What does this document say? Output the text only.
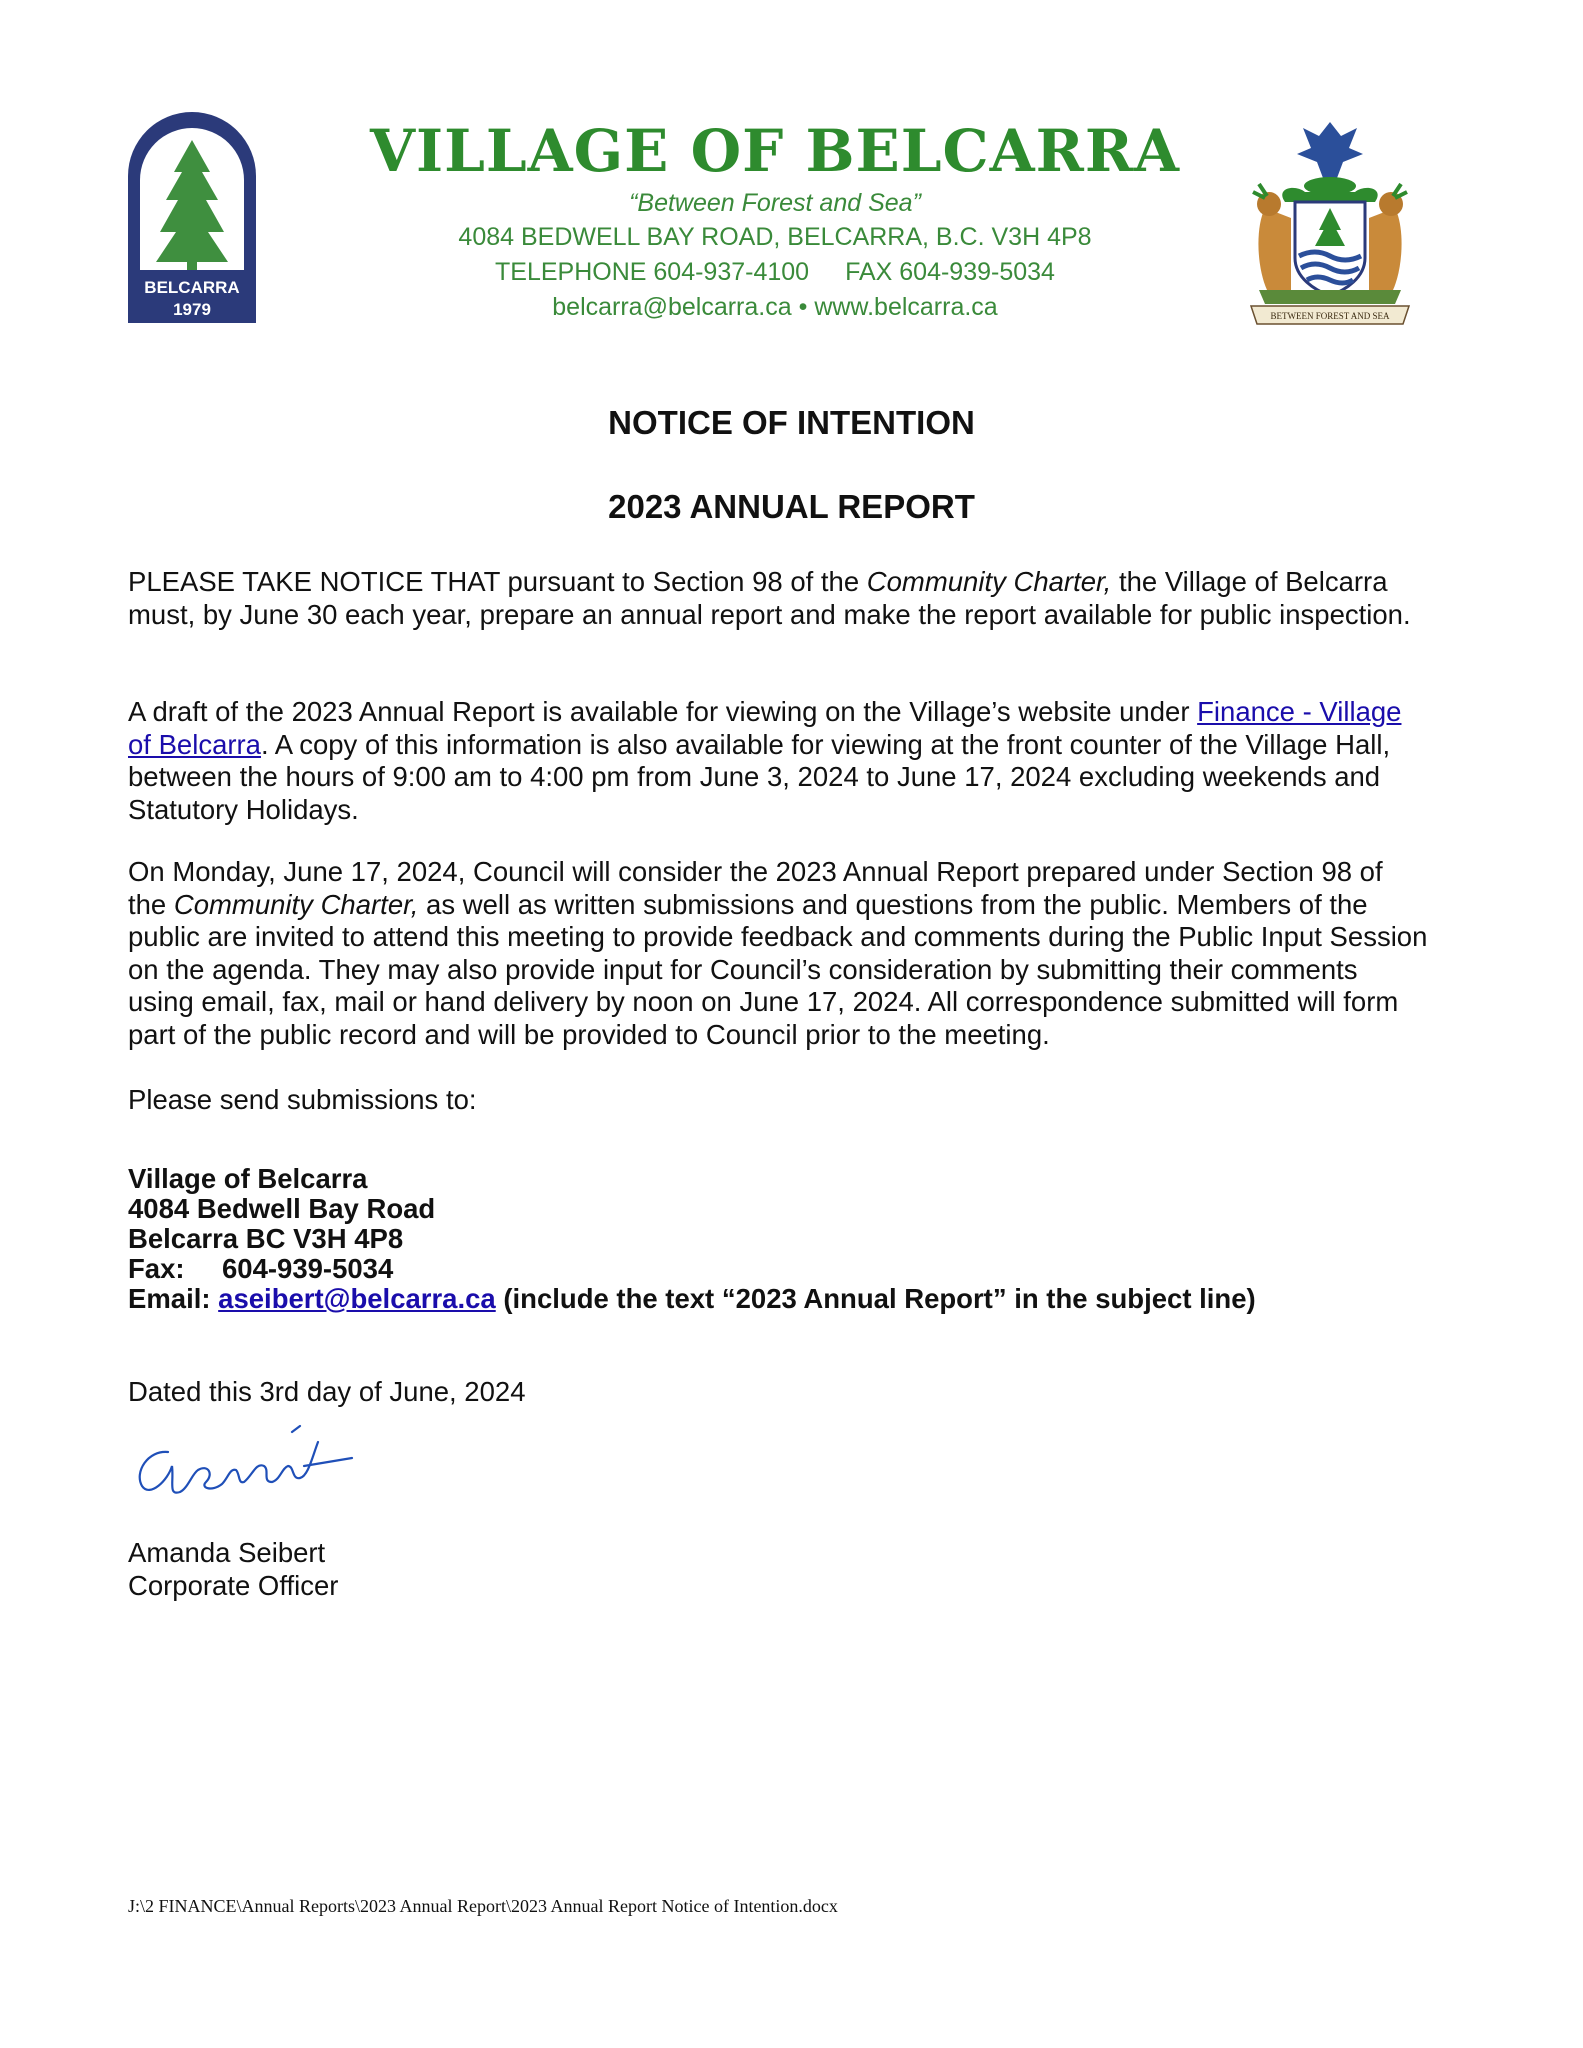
BELCARRA
1979
VILLAGE OF BELCARRA
“Between Forest and Sea”
4084 BEDWELL BAY ROAD, BELCARRA, B.C. V3H 4P8
TELEPHONE 604-937-4100 FAX 604-939-5034
belcarra@belcarra.ca • www.belcarra.ca	BETWEEN FOREST AND SEA
NOTICE OF INTENTION
2023 ANNUAL REPORT
PLEASE TAKE NOTICE THAT pursuant to Section 98 of the Community Charter, the Village of Belcarra must, by June 30 each year, prepare an annual report and make the report available for public inspection.
A draft of the 2023 Annual Report is available for viewing on the Village’s website under Finance - Village of Belcarra. A copy of this information is also available for viewing at the front counter of the Village Hall, between the hours of 9:00 am to 4:00 pm from June 3, 2024 to June 17, 2024 excluding weekends and Statutory Holidays.
On Monday, June 17, 2024, Council will consider the 2023 Annual Report prepared under Section 98 of the Community Charter, as well as written submissions and questions from the public. Members of the public are invited to attend this meeting to provide feedback and comments during the Public Input Session on the agenda. They may also provide input for Council’s consideration by submitting their comments using email, fax, mail or hand delivery by noon on June 17, 2024. All correspondence submitted will form part of the public record and will be provided to Council prior to the meeting.
Please send submissions to:
Village of Belcarra
4084 Bedwell Bay Road
Belcarra BC V3H 4P8
Fax: 604-939-5034
Email: aseibert@belcarra.ca (include the text “2023 Annual Report” in the subject line)
Dated this 3rd day of June, 2024
Amanda Seibert
Corporate Officer
J:\2 FINANCE\Annual Reports\2023 Annual Report\2023 Annual Report Notice of Intention.docx
